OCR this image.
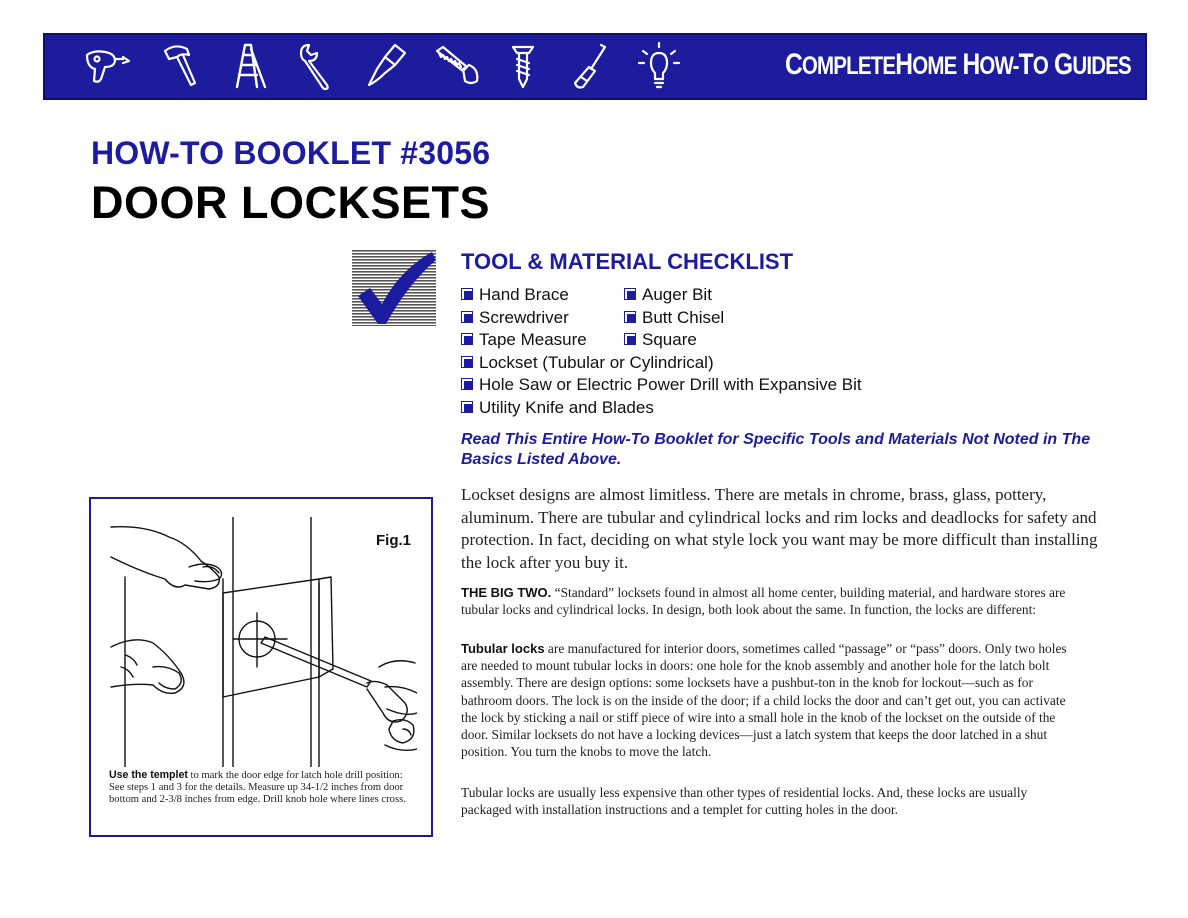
COMPLETEHOME HOW-TO GUIDES
HOW-TO BOOKLET #3056
DOOR LOCKSETS
TOOL & MATERIAL CHECKLIST
Hand Brace	Auger Bit
Screwdriver	Butt Chisel
Tape Measure	Square
Lockset (Tubular or Cylindrical)
Hole Saw or Electric Power Drill with Expansive Bit
Utility Knife and Blades
Read This Entire How-To Booklet for Specific Tools and Materials Not Noted in The Basics Listed Above.
Lockset designs are almost limitless. There are metals in chrome, brass, glass, pottery, aluminum. There are tubular and cylindrical locks and rim locks and deadlocks for safety and protection. In fact, deciding on what style lock you want may be more difficult than installing the lock after you buy it.
THE BIG TWO. “Standard” locksets found in almost all home center, building material, and hardware stores are tubular locks and cylindrical locks. In design, both look about the same. In function, the locks are different:
Tubular locks are manufactured for interior doors, sometimes called “passage” or “pass” doors. Only two holes are needed to mount tubular locks in doors: one hole for the knob assembly and another hole for the latch bolt assembly. There are design options: some locksets have a pushbut-ton in the knob for lockout—such as for bathroom doors. The lock is on the inside of the door; if a child locks the door and can’t get out, you can activate the lock by sticking a nail or stiff piece of wire into a small hole in the knob of the lockset on the outside of the door. Similar locksets do not have a locking devices—just a latch system that keeps the door latched in a shut position. You turn the knobs to move the latch.
Tubular locks are usually less expensive than other types of residential locks. And, these locks are usually packaged with installation instructions and a templet for cutting holes in the door.
Fig.1
Use the templet to mark the door edge for latch hole drill position: See steps 1 and 3 for the details. Measure up 34-1/2 inches from door bottom and 2-3/8 inches from edge. Drill knob hole where lines cross.
